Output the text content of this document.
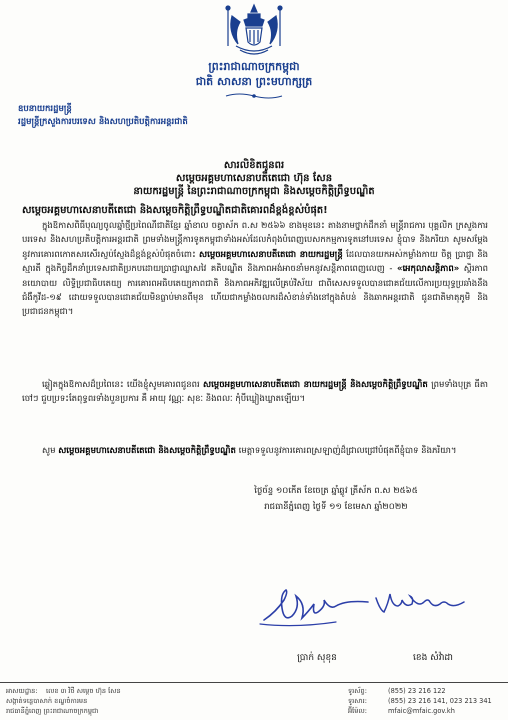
ព្រះរាជាណាចក្រកម្ពុជា
ជាតិ សាសនា ព្រះមហាក្សត្រ
ឧបនាយករដ្ឋមន្ត្រី
រដ្ឋមន្ត្រីក្រសួងការបរទេស និងសហប្រតិបត្តិការអន្តរជាតិ
សារលិខិតជូនពរ
សម្តេចអគ្គមហាសេនាបតីតេជោ ហ៊ុន សែន
នាយករដ្ឋមន្ត្រី នៃព្រះរាជាណាចក្រកម្ពុជា និងសម្តេចកិត្តិព្រឹទ្ធបណ្ឌិត
សម្តេចអគ្គមហាសេនាបតីតេជោ និងសម្តេចកិត្តិព្រឹទ្ធបណ្ឌិតជាតិគោរពដ៏ខ្ពង់ខ្ពស់បំផុត!
ក្នុងឱកាសពិធីបុណ្យចូលឆ្នាំថ្មីប្រពៃណីជាតិខ្មែរ ឆ្នាំខាល ចត្វាស័ក ព.ស ២៥៦៦ ខាងមុខនេះ តាងនាមថ្នាក់ដឹកនាំ មន្ត្រីរាជការ បុគ្គលិក ក្រសួងការបរទេស និងសហប្រតិបត្តិការអន្តរជាតិ ព្រមទាំងមន្ត្រីការទូតកម្ពុជាទាំងអស់ដែលកំពុងបំពេញបេសកកម្មការទូតនៅបរទេស ខ្ញុំបាទ និងភរិយា សូមសម្តែងនូវការគោរពកោតសរសើរស្ញប់ស្ញែងដ៏ខ្ពង់ខ្ពស់បំផុតចំពោះ សម្តេចអគ្គមហាសេនាបតីតេជោ នាយករដ្ឋមន្ត្រី ដែលបានយកអស់កម្លាំងកាយ ចិត្ត ប្រាជ្ញា និងស្មារតី ក្នុងកិច្ចដឹកនាំប្រទេសជាតិប្រកបដោយប្រាជ្ញាឈ្លាសវៃ គតិបណ្ឌិត និងភាពអង់អាចនាំមកនូវសន្តិភាពពេញលេញ - «អេកុលាសន្តិភាព» ស្ថិរភាពនយោបាយ លិទ្ធិប្រជាធិបតេយ្យ ការគោរពអធិបតេយ្យភាពជាតិ និងភាពអភិវឌ្ឍលើគ្រប់វិស័យ ជាពិសេសទទួលបានជោគជ័យលើការប្រយុទ្ធប្រឆាំងនឹងជំងឺកូវីដ-១៩ ដោយទទួលបានជោគជ័យមិនធ្លាប់មានពីមុន ហើយជាកម្លាំងចលករដ៏សំខាន់ទាំងនៅក្នុងតំបន់ និងឆាកអន្តរជាតិ ជូនជាតិមាតុភូមិ និងប្រជាជនកម្ពុជា។
ឆ្លៀតក្នុងឱកាសដ៏ប្រពៃនេះ យើងខ្ញុំសូមគោរពជូនពរ សម្តេចអគ្គមហាសេនាបតីតេជោ នាយករដ្ឋមន្ត្រី និងសម្តេចកិត្តិព្រឹទ្ធបណ្ឌិត ព្រមទាំងបុត្រ ធីតា ចៅៗ ជួបប្រទះតែពុទ្ធពរទាំងបួនប្រការ គឺ អាយុ វណ្ណៈ សុខៈ និងពលៈ កុំបីឃ្លៀងឃ្លាតឡើយ។
សូម សម្តេចអគ្គមហាសេនាបតីតេជោ និងសម្តេចកិត្តិព្រឹទ្ធបណ្ឌិត មេត្តាទទួលនូវការគោរពស្រឡាញ់ដ៏ជ្រាលជ្រៅបំផុតពីខ្ញុំបាទ និងភរិយា។
ថ្ងៃច័ន្ទ ១០កើត ខែចេត្រ ឆ្នាំឆ្លូវ ត្រីស័ក ព.ស ២៥៦៥
រាជធានីភ្នំពេញ ថ្ងៃទី ១១ ខែមេសា ឆ្នាំ២០២២
ប្រាក់ សុខុន	ខេង សំវ៉ាដា
អាសយដ្ឋាន: លេខ ៣ វិថី សម្តេច ហ៊ុន សែន
សង្កាត់ទន្លេបាសាក់ ខណ្ឌចំការមន
រាជធានីភ្នំពេញ ព្រះរាជាណាចក្រកម្ពុជា
ទូរស័ព្ទ:	(855) 23 216 122
ទូរសារ:	(855) 23 216 141, 023 213 341
អ៊ីម៉ែល:	mfaic@mfaic.gov.kh
